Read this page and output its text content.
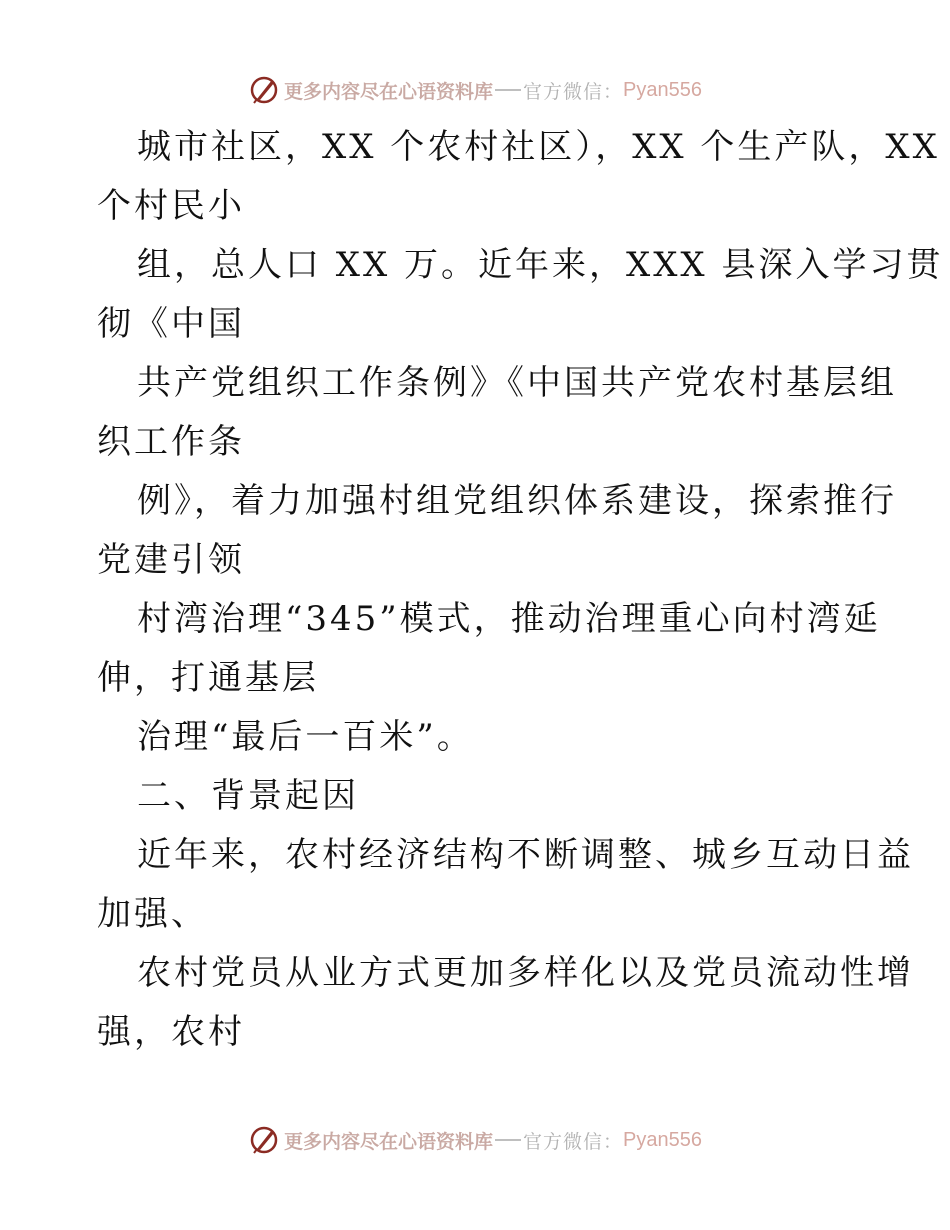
更多内容尽在心语资料库 官方微信： Pyan556
城市社区，XX 个农村社区），XX 个生产队，XX
个村民小
组，总人口 XX 万。近年来，XXX 县深入学习贯
彻《中国
共产党组织工作条例》《中国共产党农村基层组
织工作条
例》，着力加强村组党组织体系建设，探索推行
党建引领
村湾治理“345”模式，推动治理重心向村湾延
伸，打通基层
治理“最后一百米”。
二、背景起因
近年来，农村经济结构不断调整、城乡互动日益
加强、
农村党员从业方式更加多样化以及党员流动性增
强，农村
更多内容尽在心语资料库 官方微信： Pyan556
